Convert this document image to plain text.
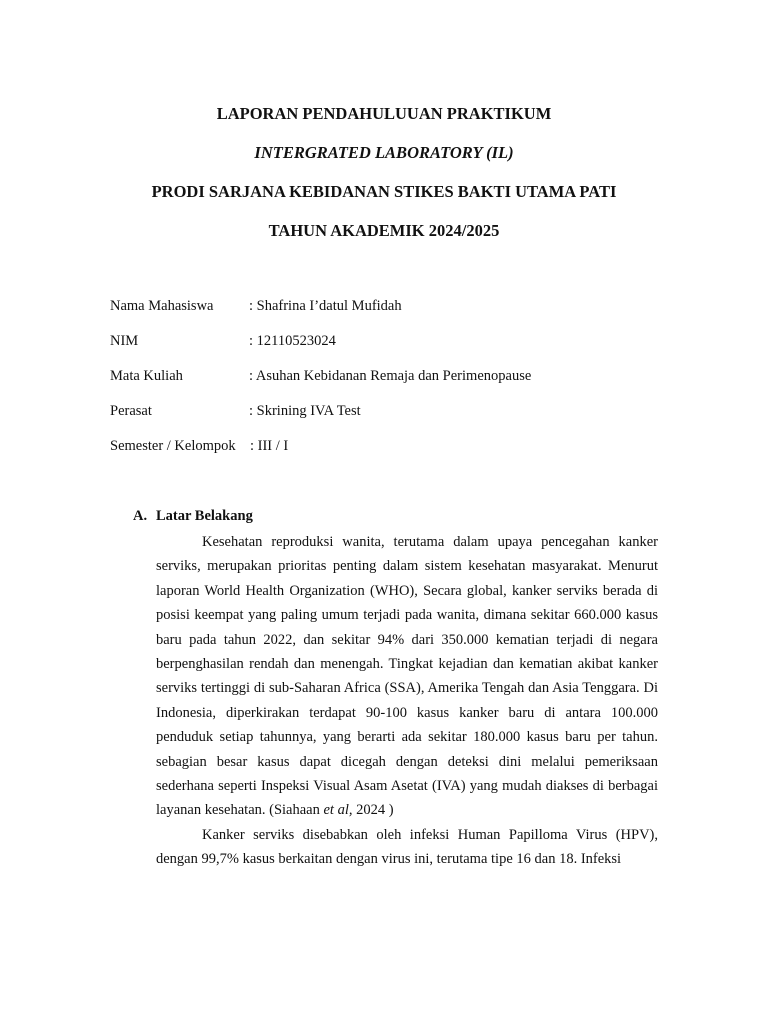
LAPORAN PENDAHULUUAN PRAKTIKUM
INTERGRATED LABORATORY (IL)
PRODI SARJANA KEBIDANAN STIKES BAKTI UTAMA PATI
TAHUN AKADEMIK 2024/2025
Nama Mahasiswa : Shafrina I’datul Mufidah
NIM	: 12110523024
Mata Kuliah	: Asuhan Kebidanan Remaja dan Perimenopause
Perasat	: Skrining IVA Test
Semester / Kelompok : III / I
A. Latar Belakang

Kesehatan reproduksi wanita, terutama dalam upaya pencegahan kanker serviks, merupakan prioritas penting dalam sistem kesehatan masyarakat. Menurut laporan World Health Organization (WHO), Secara global, kanker serviks berada di posisi keempat yang paling umum terjadi pada wanita, dimana sekitar 660.000 kasus baru pada tahun 2022, dan sekitar 94% dari 350.000 kematian terjadi di negara berpenghasilan rendah dan menengah. Tingkat kejadian dan kematian akibat kanker serviks tertinggi di sub-Saharan Africa (SSA), Amerika Tengah dan Asia Tenggara. Di Indonesia, diperkirakan terdapat 90-100 kasus kanker baru di antara 100.000 penduduk setiap tahunnya, yang berarti ada sekitar 180.000 kasus baru per tahun. sebagian besar kasus dapat dicegah dengan deteksi dini melalui pemeriksaan sederhana seperti Inspeksi Visual Asam Asetat (IVA) yang mudah diakses di berbagai layanan kesehatan. (Siahaan et al, 2024 )

Kanker serviks disebabkan oleh infeksi Human Papilloma Virus (HPV), dengan 99,7% kasus berkaitan dengan virus ini, terutama tipe 16 dan 18. Infeksi
